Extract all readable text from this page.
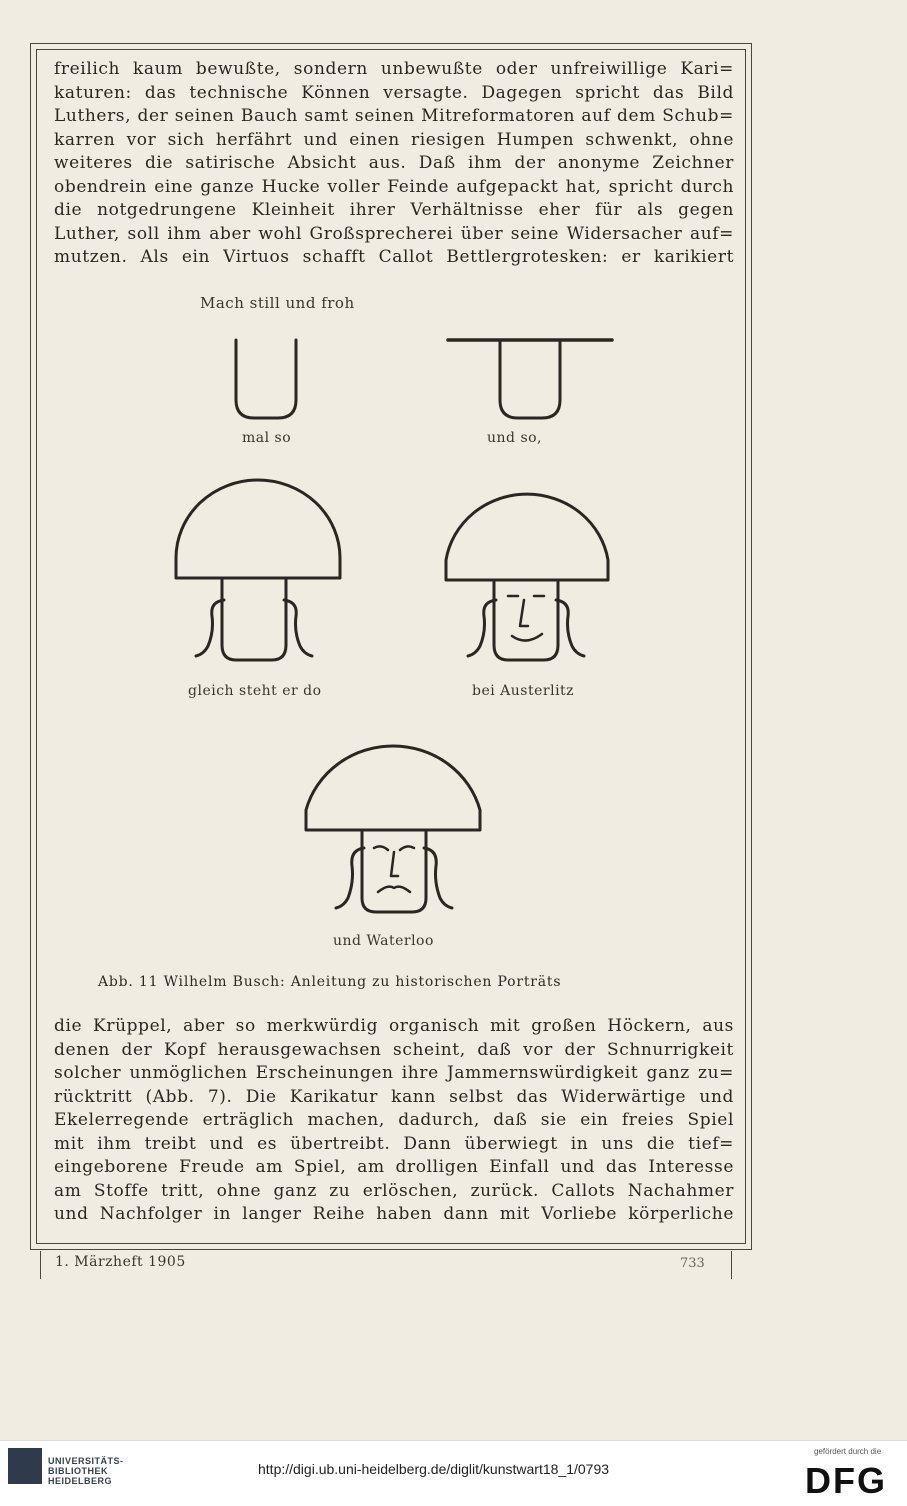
freilich kaum bewußte, sondern unbewußte oder unfreiwillige Kari=
katuren: das technische Können versagte. Dagegen spricht das Bild
Luthers, der seinen Bauch samt seinen Mitreformatoren auf dem Schub=
karren vor sich herfährt und einen riesigen Humpen schwenkt, ohne
weiteres die satirische Absicht aus. Daß ihm der anonyme Zeichner
obendrein eine ganze Hucke voller Feinde aufgepackt hat, spricht durch
die notgedrungene Kleinheit ihrer Verhältnisse eher für als gegen
Luther, soll ihm aber wohl Großsprecherei über seine Widersacher auf=
mutzen. Als ein Virtuos schafft Callot Bettlergrotesken: er karikiert
Mach still und froh
mal so	und so,
gleich steht er do	bei Austerlitz
und Waterloo
Abb. 11 Wilhelm Busch: Anleitung zu historischen Porträts
die Krüppel, aber so merkwürdig organisch mit großen Höckern, aus
denen der Kopf herausgewachsen scheint, daß vor der Schnurrigkeit
solcher unmöglichen Erscheinungen ihre Jammernswürdigkeit ganz zu=
rücktritt (Abb. 7). Die Karikatur kann selbst das Widerwärtige und
Ekelerregende erträglich machen, dadurch, daß sie ein freies Spiel
mit ihm treibt und es übertreibt. Dann überwiegt in uns die tief=
eingeborene Freude am Spiel, am drolligen Einfall und das Interesse
am Stoffe tritt, ohne ganz zu erlöschen, zurück. Callots Nachahmer
und Nachfolger in langer Reihe haben dann mit Vorliebe körperliche
1. Märzheft 1905	733
UNIVERSITÄTS-
BIBLIOTHEK
HEIDELBERG
http://digi.ub.uni-heidelberg.de/diglit/kunstwart18_1/0793
gefördert durch die
DFG
